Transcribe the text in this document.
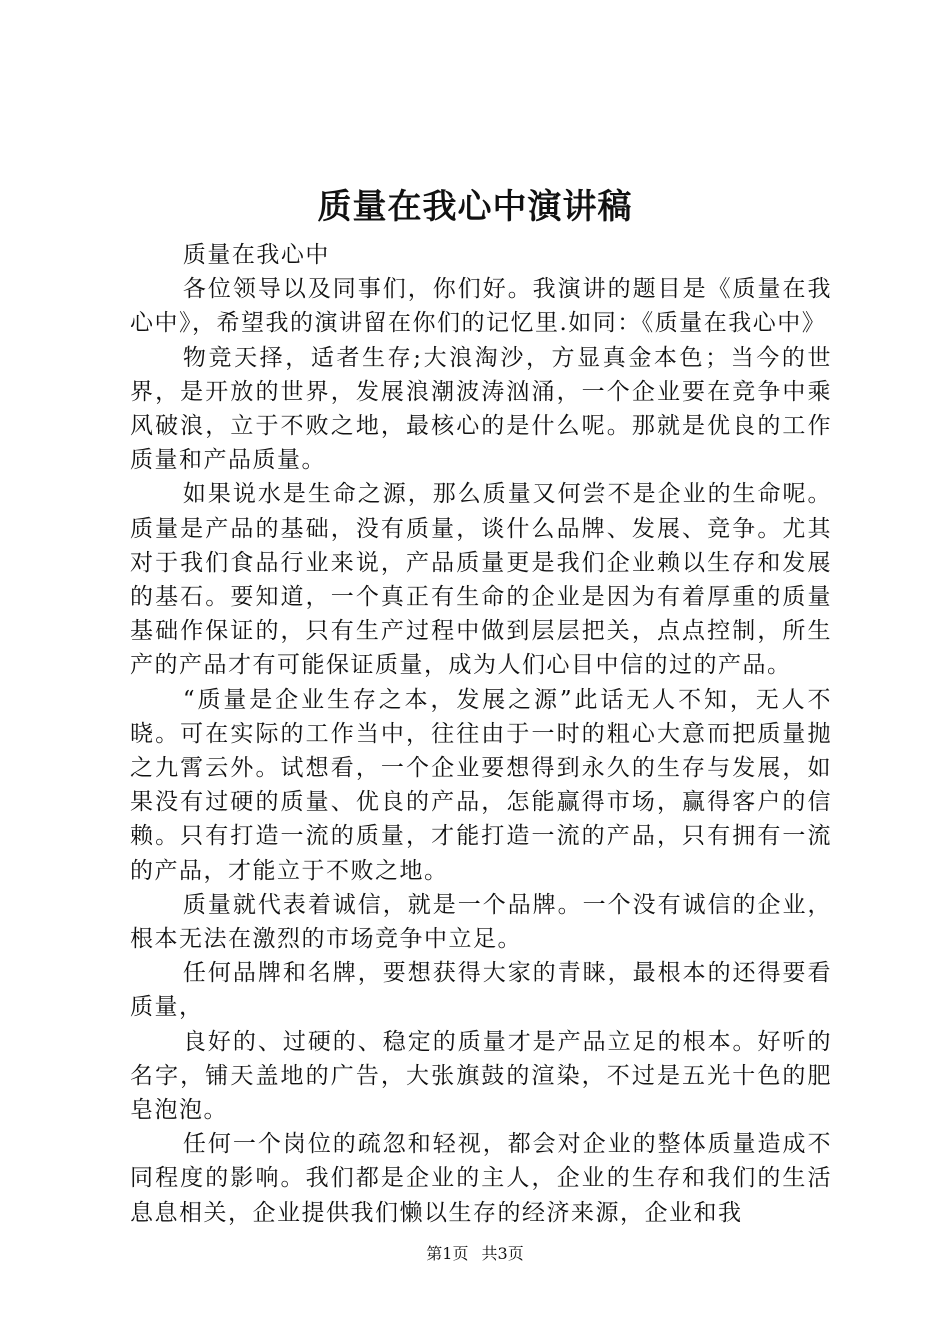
质量在我心中演讲稿

质量在我心中

各位领导以及同事们，你们好。我演讲的题目是《质量在我心中》，希望我的演讲留在你们的记忆里.如同：《质量在我心中》

物竞天择，适者生存;大浪淘沙，方显真金本色；当今的世界，是开放的世界，发展浪潮波涛汹涌，一个企业要在竞争中乘风破浪，立于不败之地，最核心的是什么呢。那就是优良的工作质量和产品质量。

如果说水是生命之源，那么质量又何尝不是企业的生命呢。质量是产品的基础，没有质量，谈什么品牌、发展、竞争。尤其对于我们食品行业来说，产品质量更是我们企业赖以生存和发展的基石。要知道，一个真正有生命的企业是因为有着厚重的质量基础作保证的，只有生产过程中做到层层把关，点点控制，所生产的产品才有可能保证质量，成为人们心目中信的过的产品。

“质量是企业生存之本，发展之源”此话无人不知，无人不晓。可在实际的工作当中，往往由于一时的粗心大意而把质量抛之九霄云外。试想看，一个企业要想得到永久的生存与发展，如果没有过硬的质量、优良的产品，怎能赢得市场，赢得客户的信赖。只有打造一流的质量，才能打造一流的产品，只有拥有一流的产品，才能立于不败之地。

质量就代表着诚信，就是一个品牌。一个没有诚信的企业，根本无法在激烈的市场竞争中立足。

任何品牌和名牌，要想获得大家的青睐，最根本的还得要看质量，

良好的、过硬的、稳定的质量才是产品立足的根本。好听的名字，铺天盖地的广告，大张旗鼓的渲染，不过是五光十色的肥皂泡泡。

任何一个岗位的疏忽和轻视，都会对企业的整体质量造成不同程度的影响。我们都是企业的主人，企业的生存和我们的生活息息相关，企业提供我们懒以生存的经济来源，企业和我

第1页 共3页
